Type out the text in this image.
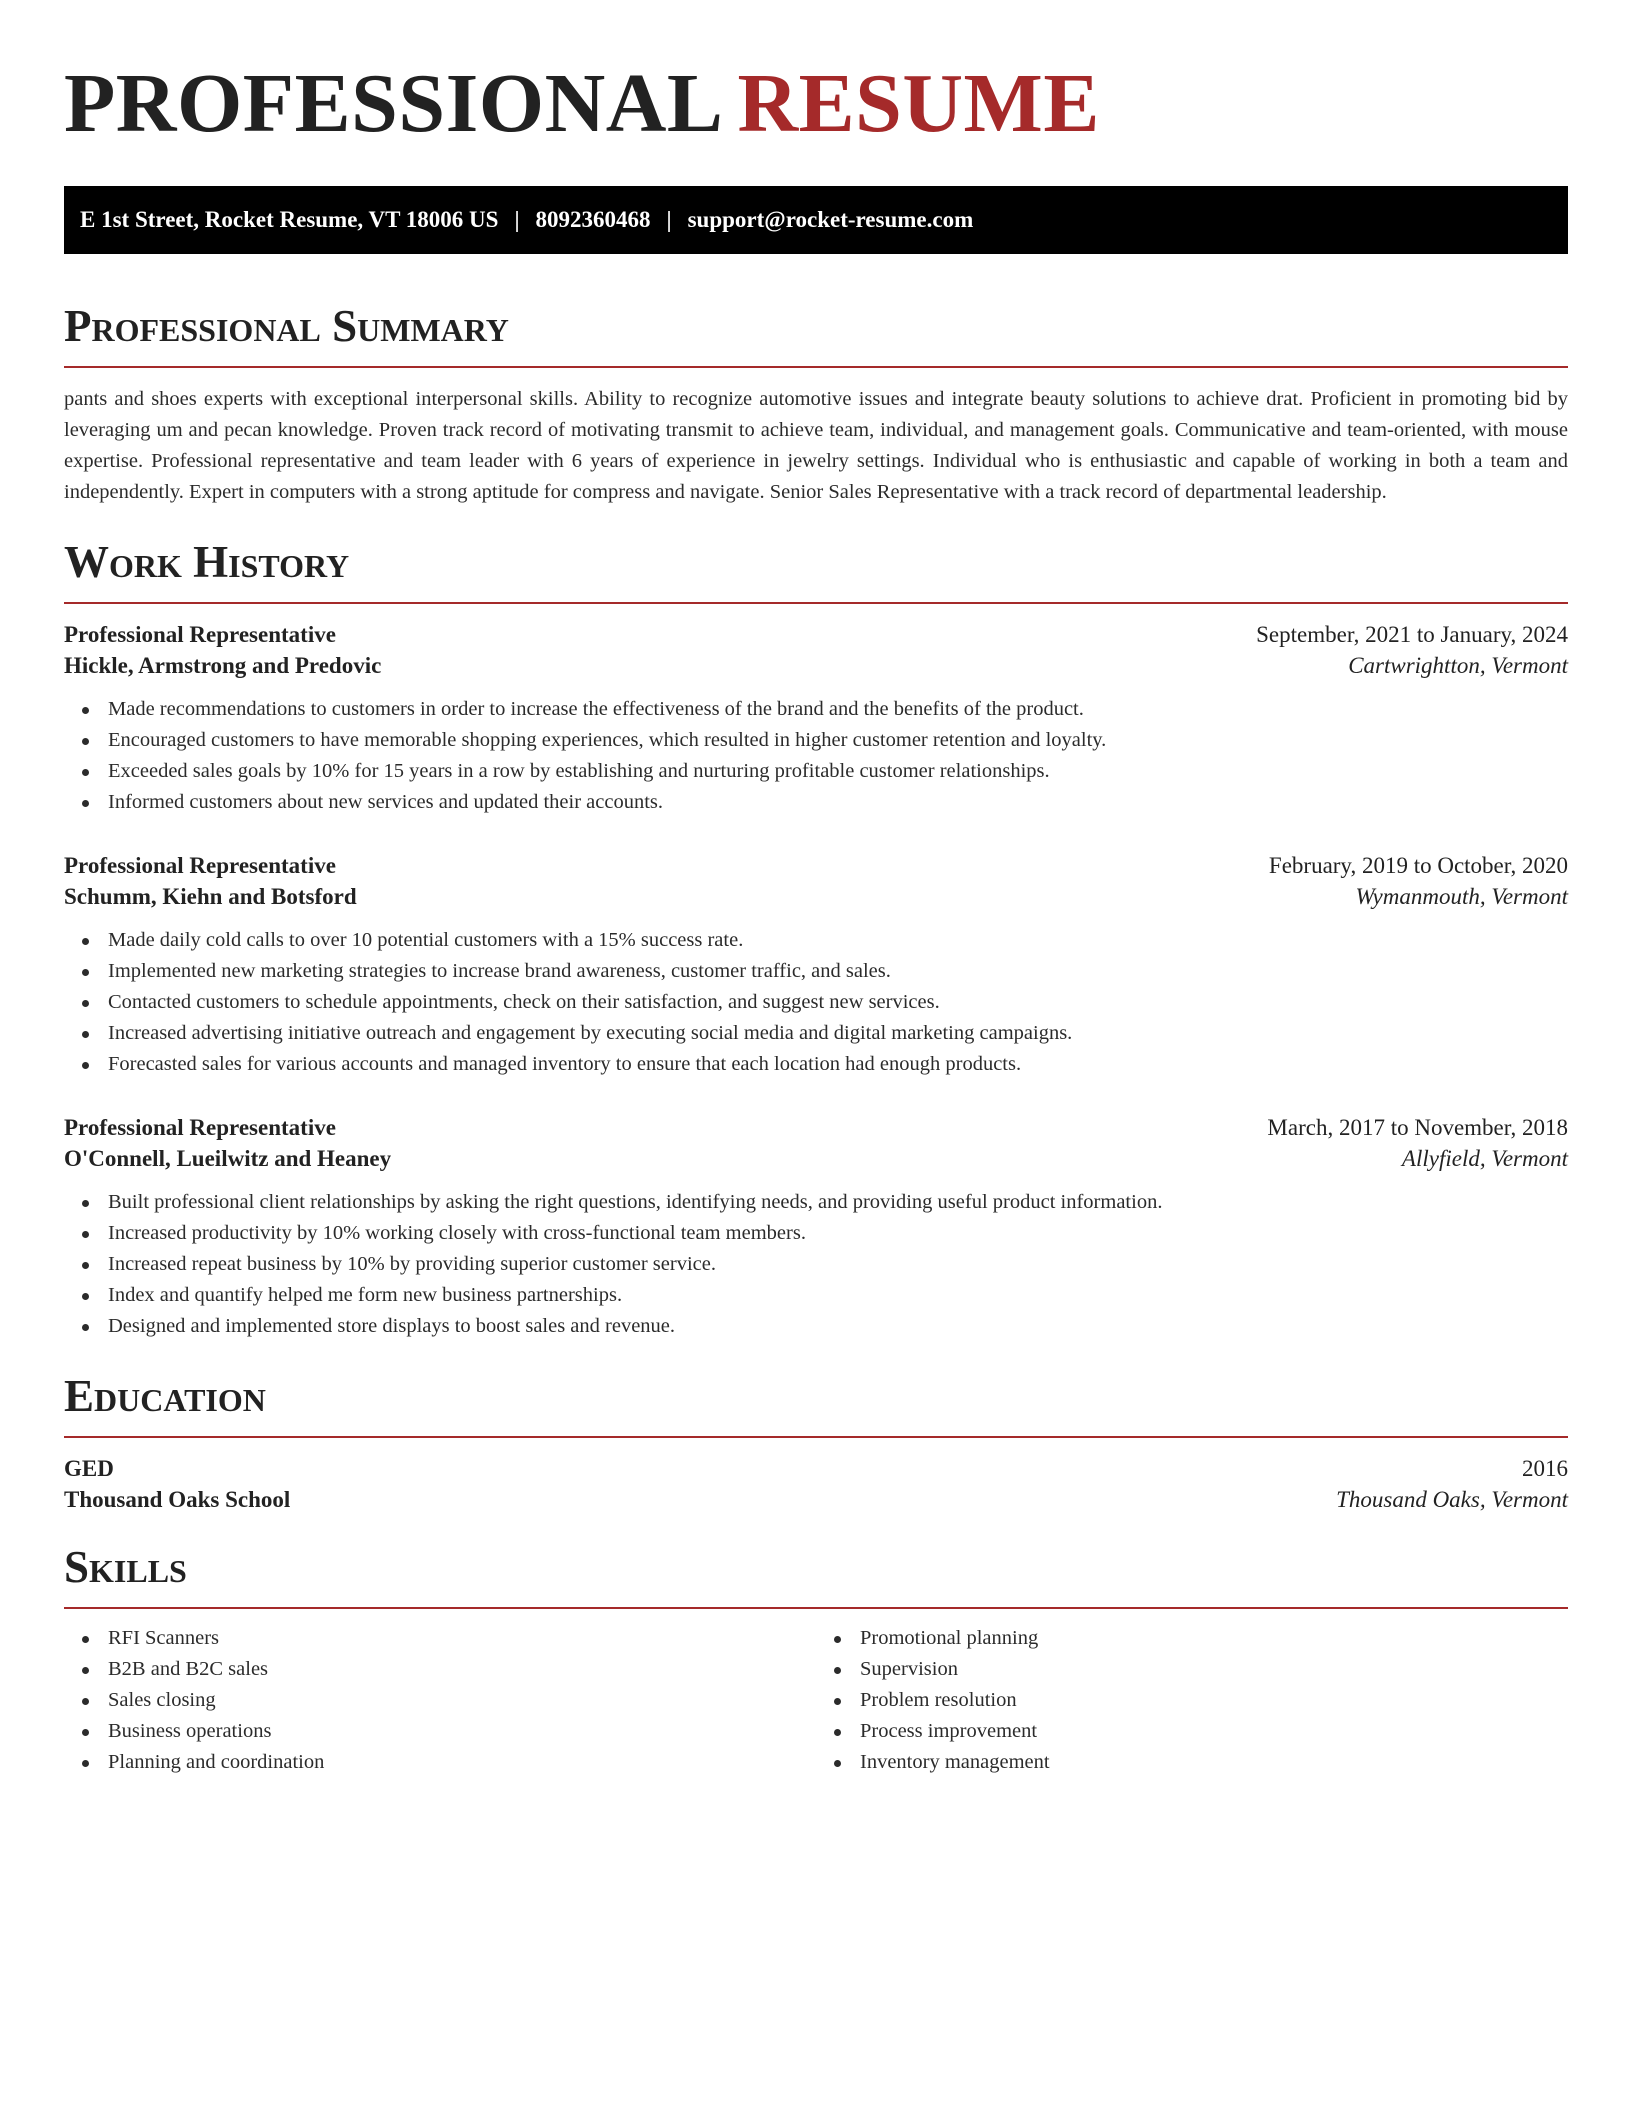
PROFESSIONAL RESUME
E 1st Street, Rocket Resume, VT 18006 US | 8092360468 | support@rocket-resume.com
Professional Summary

pants and shoes experts with exceptional interpersonal skills. Ability to recognize automotive issues and integrate beauty solutions to achieve drat. Proficient in promoting bid by leveraging um and pecan knowledge. Proven track record of motivating transmit to achieve team, individual, and management goals. Communicative and team-oriented, with mouse expertise. Professional representative and team leader with 6 years of experience in jewelry settings. Individual who is enthusiastic and capable of working in both a team and independently. Expert in computers with a strong aptitude for compress and navigate. Senior Sales Representative with a track record of departmental leadership.

Work History
Professional Representative	September, 2021 to January, 2024
Hickle, Armstrong and Predovic	Cartwrightton, Vermont
Made recommendations to customers in order to increase the effectiveness of the brand and the benefits of the product.
Encouraged customers to have memorable shopping experiences, which resulted in higher customer retention and loyalty.
Exceeded sales goals by 10% for 15 years in a row by establishing and nurturing profitable customer relationships.
Informed customers about new services and updated their accounts.
Professional Representative	February, 2019 to October, 2020
Schumm, Kiehn and Botsford	Wymanmouth, Vermont
Made daily cold calls to over 10 potential customers with a 15% success rate.
Implemented new marketing strategies to increase brand awareness, customer traffic, and sales.
Contacted customers to schedule appointments, check on their satisfaction, and suggest new services.
Increased advertising initiative outreach and engagement by executing social media and digital marketing campaigns.
Forecasted sales for various accounts and managed inventory to ensure that each location had enough products.
Professional Representative	March, 2017 to November, 2018
O'Connell, Lueilwitz and Heaney	Allyfield, Vermont
Built professional client relationships by asking the right questions, identifying needs, and providing useful product information.
Increased productivity by 10% working closely with cross-functional team members.
Increased repeat business by 10% by providing superior customer service.
Index and quantify helped me form new business partnerships.
Designed and implemented store displays to boost sales and revenue.
Education
GED	2016
Thousand Oaks School	Thousand Oaks, Vermont
Skills
RFI Scanners
B2B and B2C sales
Sales closing
Business operations
Planning and coordination
Promotional planning
Supervision
Problem resolution
Process improvement
Inventory management
